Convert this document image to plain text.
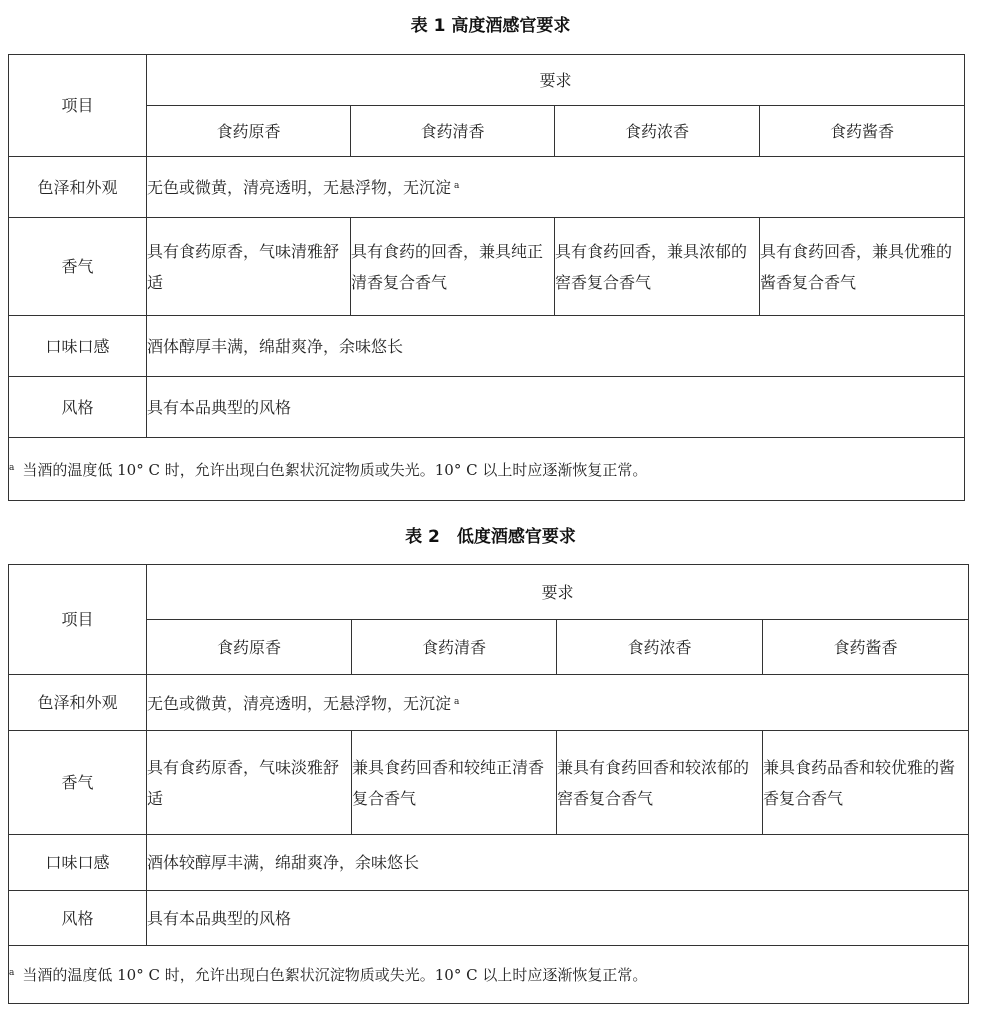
表 1 高度酒感官要求
项目	要求			
	食药原香	食药清香	食药浓香	食药酱香
色泽和外观	无色或微黄，清亮透明，无悬浮物，无沉淀 $^a$
香气	具有食药原香，气味清雅舒适	具有食药的回香，兼具纯正清香复合香气	具有食药回香，兼具浓郁的窖香复合香气	具有食药回香，兼具优雅的酱香复合香气
口味口感	酒体醇厚丰满，绵甜爽净，余味悠长			
风格	具有本品典型的风格			
$^a$ 当酒的温度低 10° C 时，允许出现白色絮状沉淀物质或失光。10° C 以上时应逐渐恢复正常。				
表 2　低度酒感官要求
项目	要求			
	食药原香	食药清香	食药浓香	食药酱香
色泽和外观	无色或微黄，清亮透明，无悬浮物，无沉淀 $^a$
香气	具有食药原香，气味淡雅舒适	兼具食药回香和较纯正清香复合香气	兼具有食药回香和较浓郁的窖香复合香气	兼具食药品香和较优雅的酱香复合香气
口味口感	酒体较醇厚丰满，绵甜爽净，余味悠长			
风格	具有本品典型的风格			
$^a$ 当酒的温度低 10° C 时，允许出现白色絮状沉淀物质或失光。10° C 以上时应逐渐恢复正常。				
